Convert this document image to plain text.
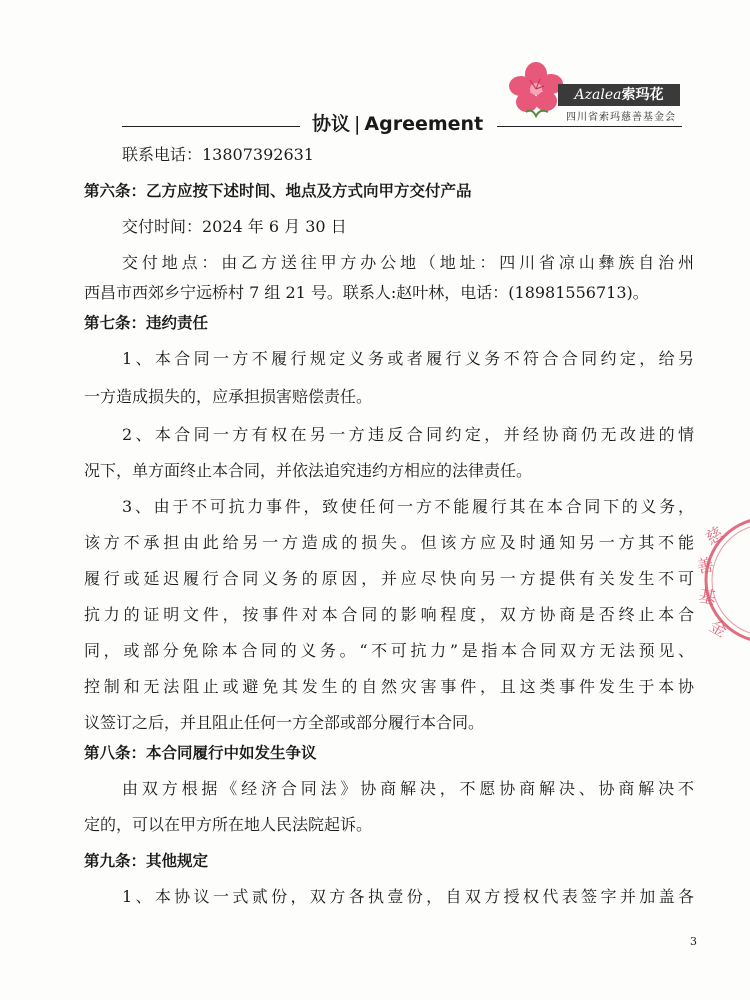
协议 | Agreement
Azalea索玛花
四川省索玛慈善基金会
联系电话：13807392631
第六条：乙方应按下述时间、地点及方式向甲方交付产品
交付时间：2024 年 6 月 30 日
交付地点：由乙方送往甲方办公地（地址：四川省凉山彝族自治州
西昌市西郊乡宁远桥村 7 组 21 号。联系人:赵叶林，电话：(18981556713)。
第七条：违约责任
1、本合同一方不履行规定义务或者履行义务不符合合同约定，给另
一方造成损失的，应承担损害赔偿责任。
2、本合同一方有权在另一方违反合同约定，并经协商仍无改进的情
况下，单方面终止本合同，并依法追究违约方相应的法律责任。
3、由于不可抗力事件，致使任何一方不能履行其在本合同下的义务，
该方不承担由此给另一方造成的损失。但该方应及时通知另一方其不能
履行或延迟履行合同义务的原因，并应尽快向另一方提供有关发生不可
抗力的证明文件，按事件对本合同的影响程度，双方协商是否终止本合
同，或部分免除本合同的义务。“不可抗力”是指本合同双方无法预见、
控制和无法阻止或避免其发生的自然灾害事件，且这类事件发生于本协
议签订之后，并且阻止任何一方全部或部分履行本合同。
第八条：本合同履行中如发生争议
由双方根据《经济合同法》协商解决，不愿协商解决、协商解决不
定的，可以在甲方所在地人民法院起诉。
第九条：其他规定
1、本协议一式贰份，双方各执壹份，自双方授权代表签字并加盖各
慈
善
基
金
3
